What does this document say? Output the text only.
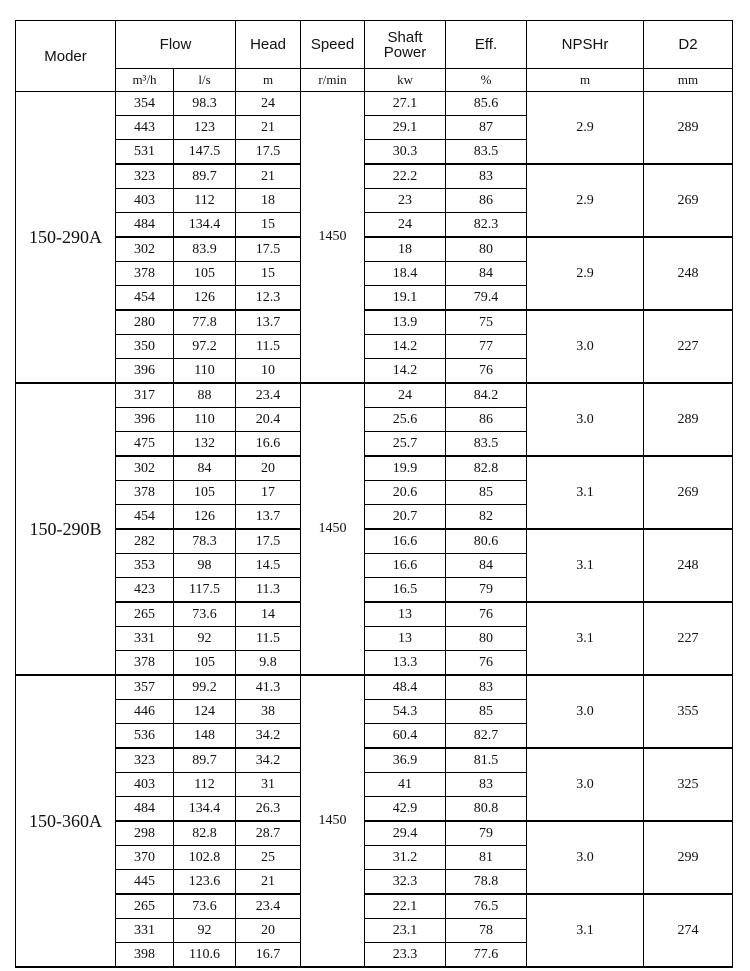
Moder	Flow		Head	Speed	Shaft Power	Eff.	NPSHr	D2
	m³/h	l/s	m	r/min	kw	%	m	mm
150-290A	354	98.3	24	1450	27.1	85.6	2.9	289
	443	123	21		29.1	87		
	531	147.5	17.5		30.3	83.5		
	323	89.7	21		22.2	83	2.9	269
	403	112	18		23	86		
	484	134.4	15		24	82.3		
	302	83.9	17.5		18	80	2.9	248
	378	105	15		18.4	84		
	454	126	12.3		19.1	79.4		
	280	77.8	13.7		13.9	75	3.0	227
	350	97.2	11.5		14.2	77		
	396	110	10		14.2	76		
150-290B	317	88	23.4	1450	24	84.2	3.0	289
	396	110	20.4		25.6	86		
	475	132	16.6		25.7	83.5		
	302	84	20		19.9	82.8	3.1	269
	378	105	17		20.6	85		
	454	126	13.7		20.7	82		
	282	78.3	17.5		16.6	80.6	3.1	248
	353	98	14.5		16.6	84		
	423	117.5	11.3		16.5	79		
	265	73.6	14		13	76	3.1	227
	331	92	11.5		13	80		
	378	105	9.8		13.3	76		
150-360A	357	99.2	41.3	1450	48.4	83	3.0	355
	446	124	38		54.3	85		
	536	148	34.2		60.4	82.7		
	323	89.7	34.2		36.9	81.5	3.0	325
	403	112	31		41	83		
	484	134.4	26.3		42.9	80.8		
	298	82.8	28.7		29.4	79	3.0	299
	370	102.8	25		31.2	81		
	445	123.6	21		32.3	78.8		
	265	73.6	23.4		22.1	76.5	3.1	274
	331	92	20		23.1	78		
	398	110.6	16.7		23.3	77.6		
